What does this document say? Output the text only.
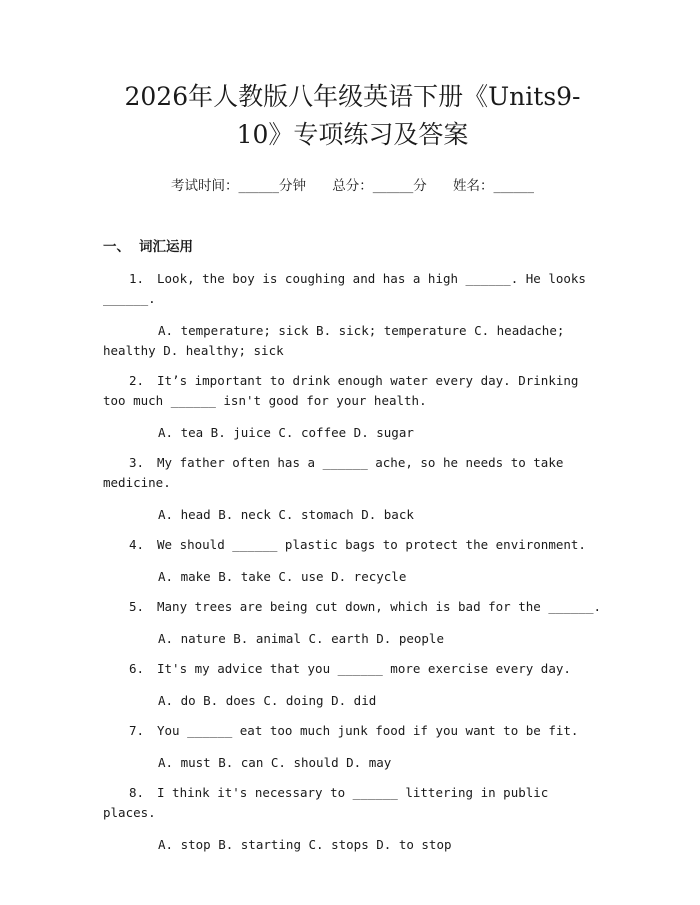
2026年人教版八年级英语下册《Units9-
10》专项练习及答案
考试时间：______分钟 总分：______分 姓名：______
一、 词汇运用
1. Look, the boy is coughing and has a high ______. He looks ______.
A. temperature; sick B. sick; temperature C. headache; healthy D. healthy; sick
2. It’s important to drink enough water every day. Drinking too much ______ isn't good for your health.
A. tea B. juice C. coffee D. sugar
3. My father often has a ______ ache, so he needs to take medicine.
A. head B. neck C. stomach D. back
4. We should ______ plastic bags to protect the environment.
A. make B. take C. use D. recycle
5. Many trees are being cut down, which is bad for the ______.
A. nature B. animal C. earth D. people
6. It's my advice that you ______ more exercise every day.
A. do B. does C. doing D. did
7. You ______ eat too much junk food if you want to be fit.
A. must B. can C. should D. may
8. I think it's necessary to ______ littering in public places.
A. stop B. starting C. stops D. to stop
